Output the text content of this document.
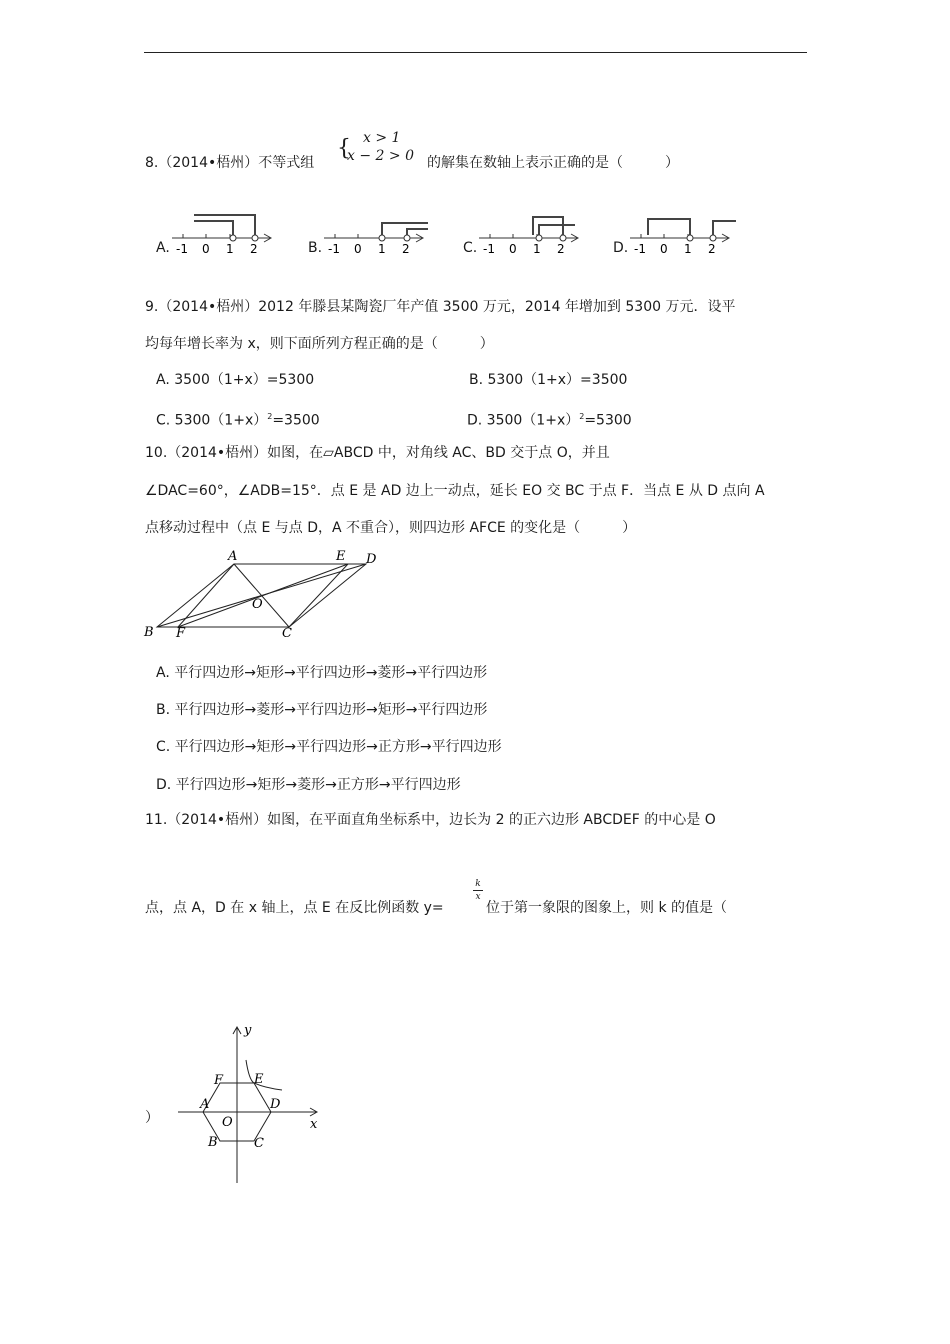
8.（2014•梧州）不等式组
{ x > 1
x − 2 > 0 的解集在数轴上表示正确的是（　　　）
A. -1 0 1 2	B. -1 0 1 2	C. -1 0 1 2	D. -1 0 1 2
9.（2014•梧州）2012 年滕县某陶瓷厂年产值 3500 万元，2014 年增加到 5300 万元．设平
均每年增长率为 x，则下面所列方程正确的是（　　　）
A. 3500（1+x）=5300	B. 5300（1+x）=3500
C. $5300(1+x)^2=3500$	D. $3500(1+x)^2=5300$
10.（2014•梧州）如图，在▱ABCD 中，对角线 AC、BD 交于点 O，并且
∠DAC=60°，∠ADB=15°．点 E 是 AD 边上一动点，延长 EO 交 BC 于点 F．当点 E 从 D 点向 A
点移动过程中（点 E 与点 D，A 不重合），则四边形 AFCE 的变化是（　　　）
A	E D
O
B F	C
A. 平行四边形→矩形→平行四边形→菱形→平行四边形
B. 平行四边形→菱形→平行四边形→矩形→平行四边形
C. 平行四边形→矩形→平行四边形→正方形→平行四边形
D. 平行四边形→矩形→菱形→正方形→平行四边形
11.（2014•梧州）如图，在平面直角坐标系中，边长为 2 的正六边形 ABCDEF 的中心是 O
点，点 A，D 在 x 轴上，点 E 在反比例函数 y=
k
x
位于第一象限的图象上，则 k 的值是（
）
y
x
F E
A	D
O
B	C
